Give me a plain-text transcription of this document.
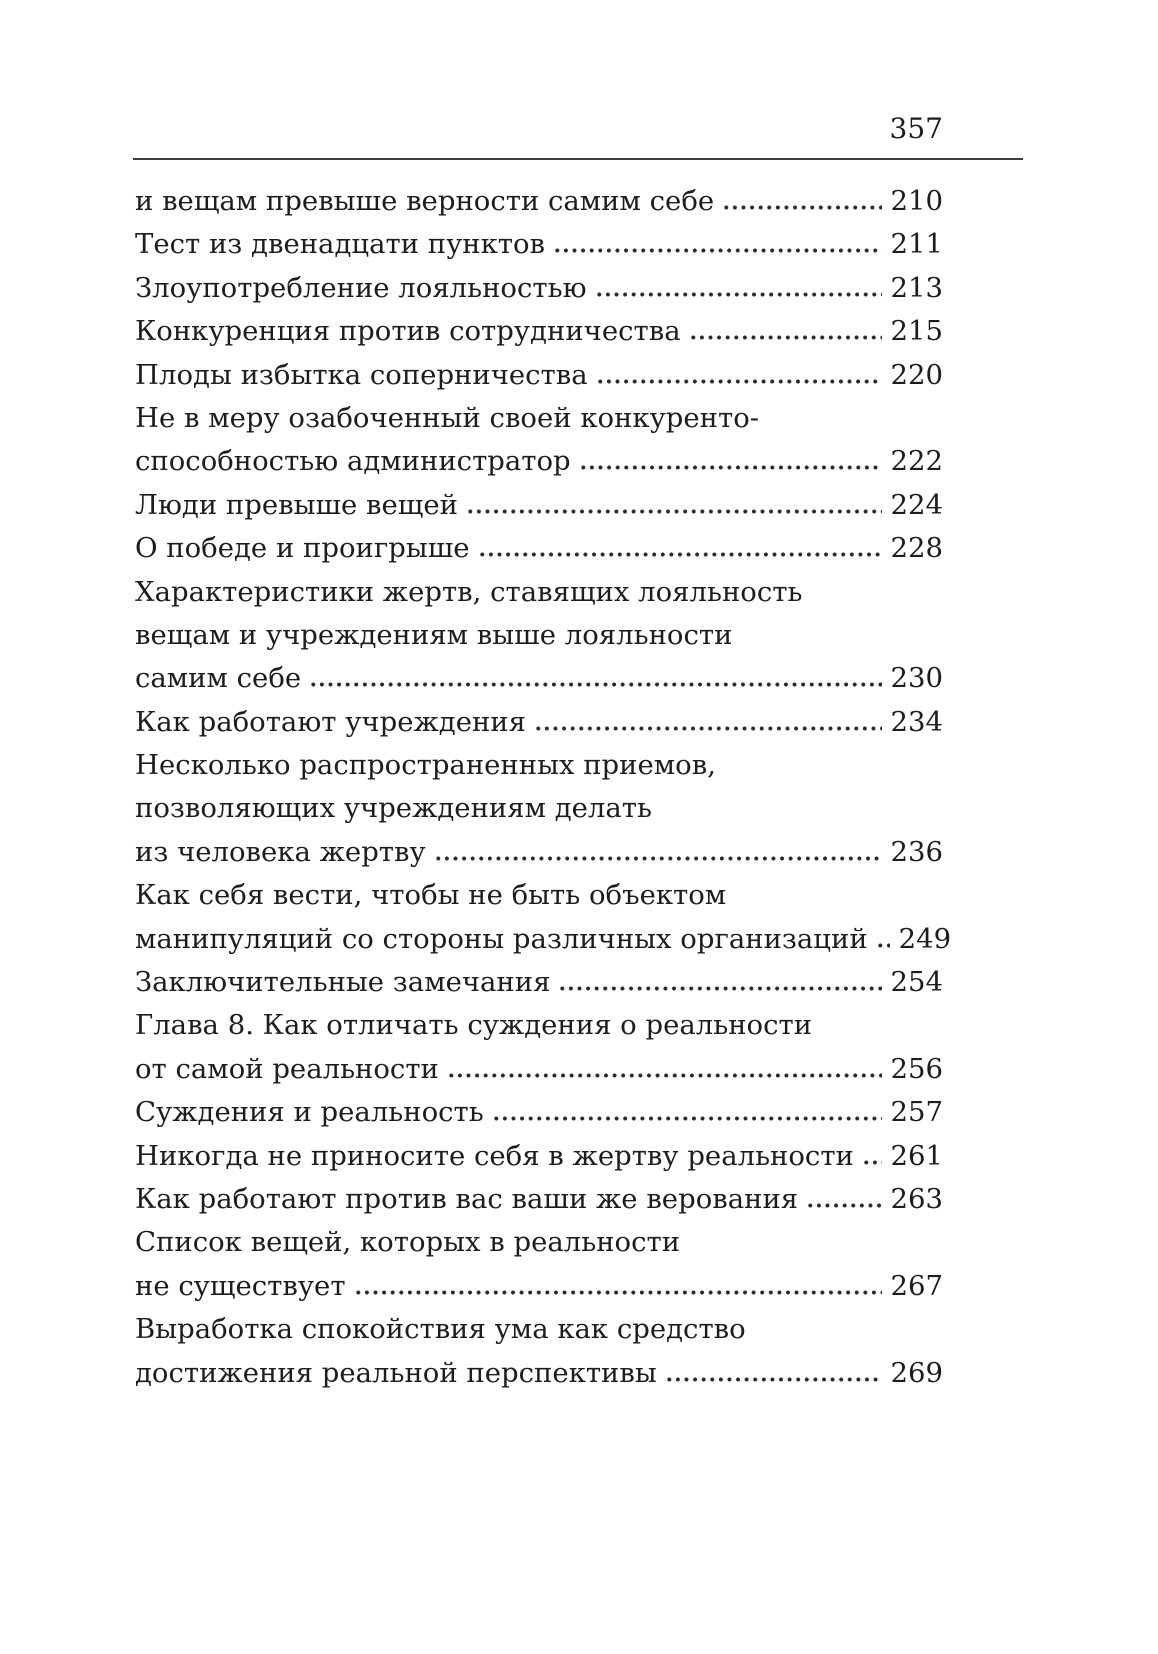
357
и вещам превыше верности самим себе	210
Тест из двенадцати пунктов	211
Злоупотребление лояльностью	213
Конкуренция против сотрудничества	215
Плоды избытка соперничества	220
Не в меру озабоченный своей конкуренто-
способностью администратор	222
Люди превыше вещей	224
О победе и проигрыше	228
Характеристики жертв, ставящих лояльность
вещам и учреждениям выше лояльности
самим себе	230
Как работают учреждения	234
Несколько распространенных приемов,
позволяющих учреждениям делать
из человека жертву	236
Как себя вести, чтобы не быть объектом
манипуляций со стороны различных организаций 249
Заключительные замечания	254
Глава 8. Как отличать суждения о реальности
от самой реальности	256
Суждения и реальность	257
Никогда не приносите себя в жертву реальности 261
Как работают против вас ваши же верования	263
Список вещей, которых в реальности
не существует	267
Выработка спокойствия ума как средство
достижения реальной перспективы	269
